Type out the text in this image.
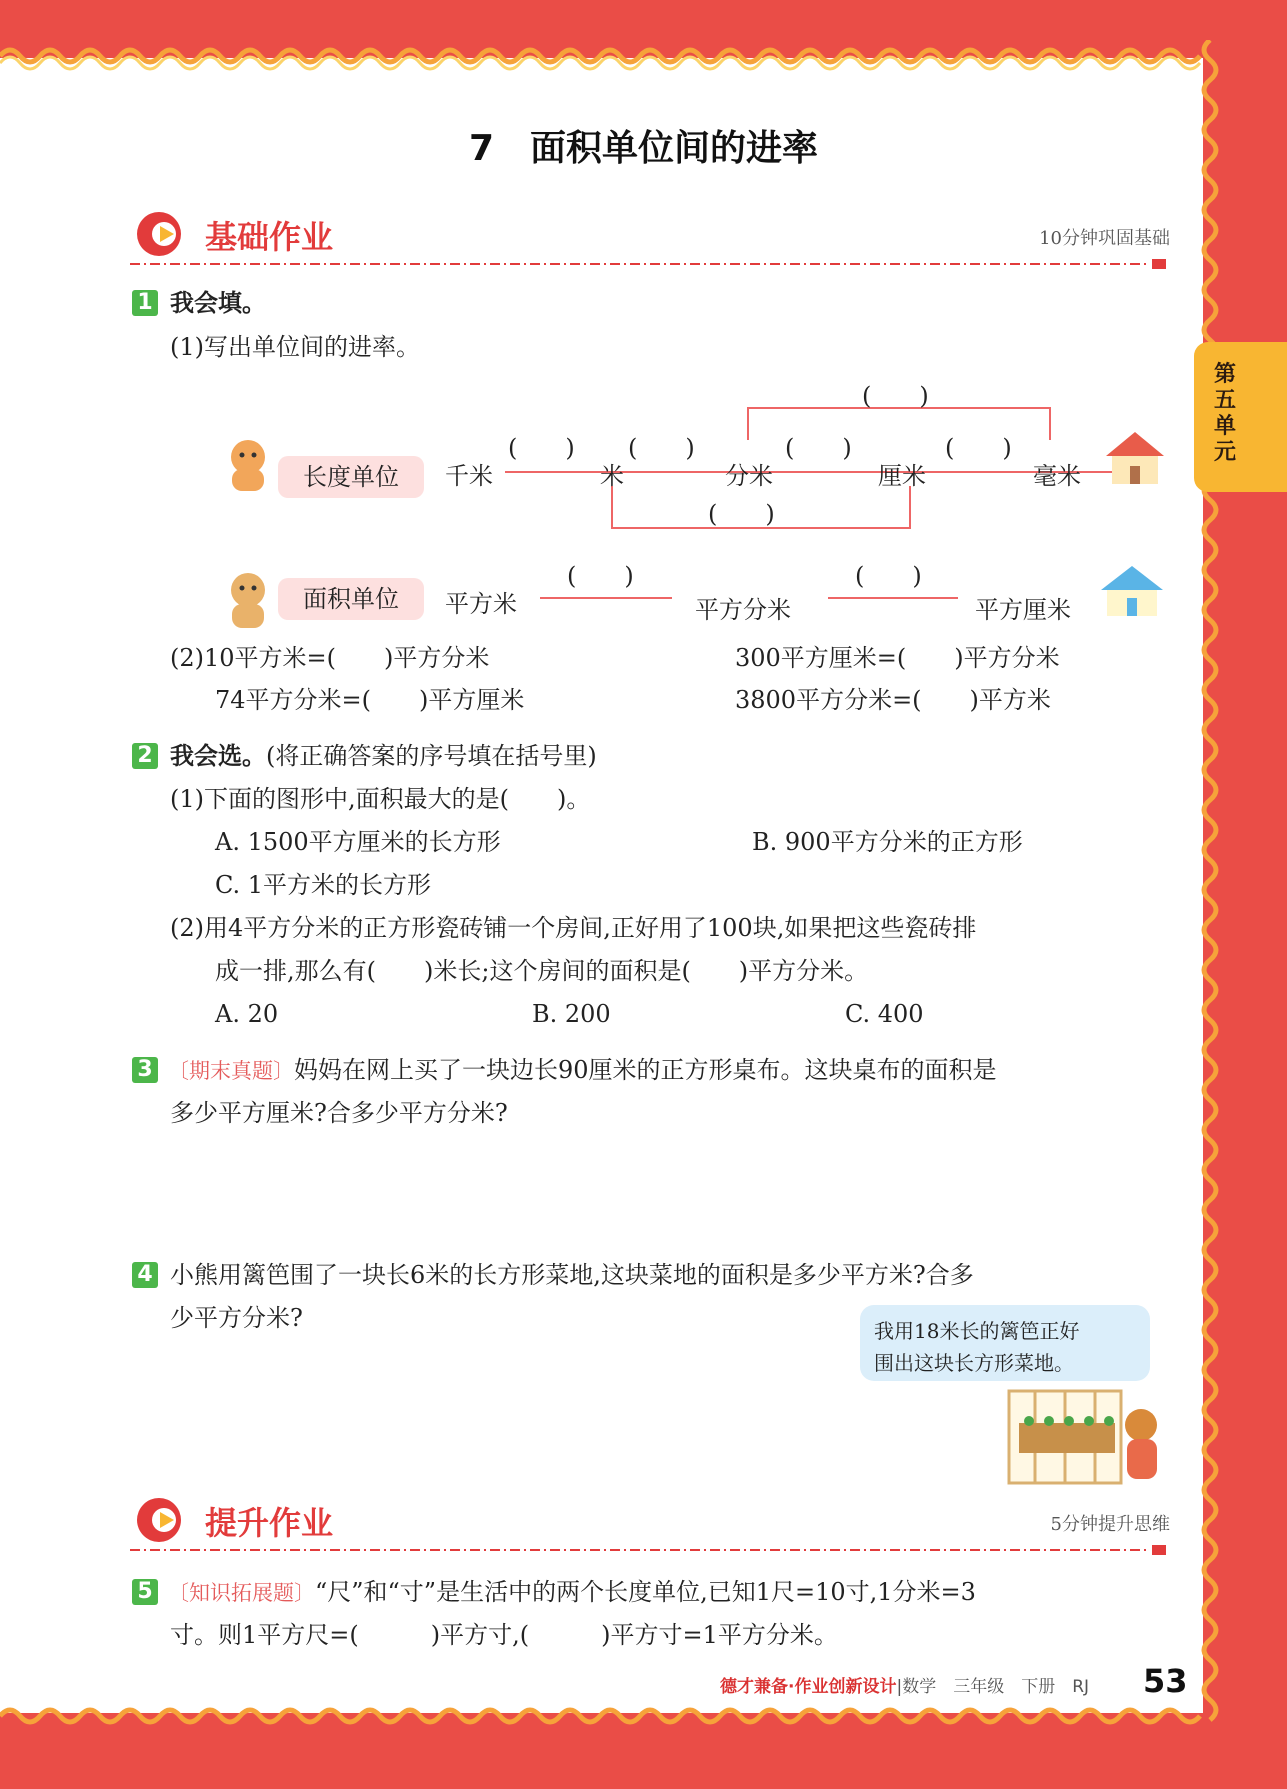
第五单元
7　面积单位间的进率
基础作业	10分钟巩固基础
1 我会填。
(1)写出单位间的进率。
长度单位	千米	米	分米	厘米	毫米
(　　) (　　)	(　　)	(　　)
(　　)
(　　)
面积单位	平方米	平方分米	平方厘米
(　　)	(　　)
(2)10平方米=(　　)平方分米	300平方厘米=(　　)平方分米
74平方分米=(　　)平方厘米	3800平方分米=(　　)平方米
2 我会选。(将正确答案的序号填在括号里)
(1)下面的图形中,面积最大的是(　　)。
A. 1500平方厘米的长方形	B. 900平方分米的正方形
C. 1平方米的长方形
(2)用4平方分米的正方形瓷砖铺一个房间,正好用了100块,如果把这些瓷砖排
成一排,那么有(　　)米长;这个房间的面积是(　　)平方分米。
A. 20	B. 200	C. 400
3 〔期末真题〕妈妈在网上买了一块边长90厘米的正方形桌布。这块桌布的面积是
多少平方厘米?合多少平方分米?
4 小熊用篱笆围了一块长6米的长方形菜地,这块菜地的面积是多少平方米?合多
少平方分米?	我用18米长的篱笆正好
围出这块长方形菜地。
提升作业	5分钟提升思维
5 〔知识拓展题〕“尺”和“寸”是生活中的两个长度单位,已知1尺=10寸,1分米=3
寸。则1平方尺=(　　　)平方寸,(　　　)平方寸=1平方分米。
德才兼备·作业创新设计|数学　三年级　下册　RJ 53
